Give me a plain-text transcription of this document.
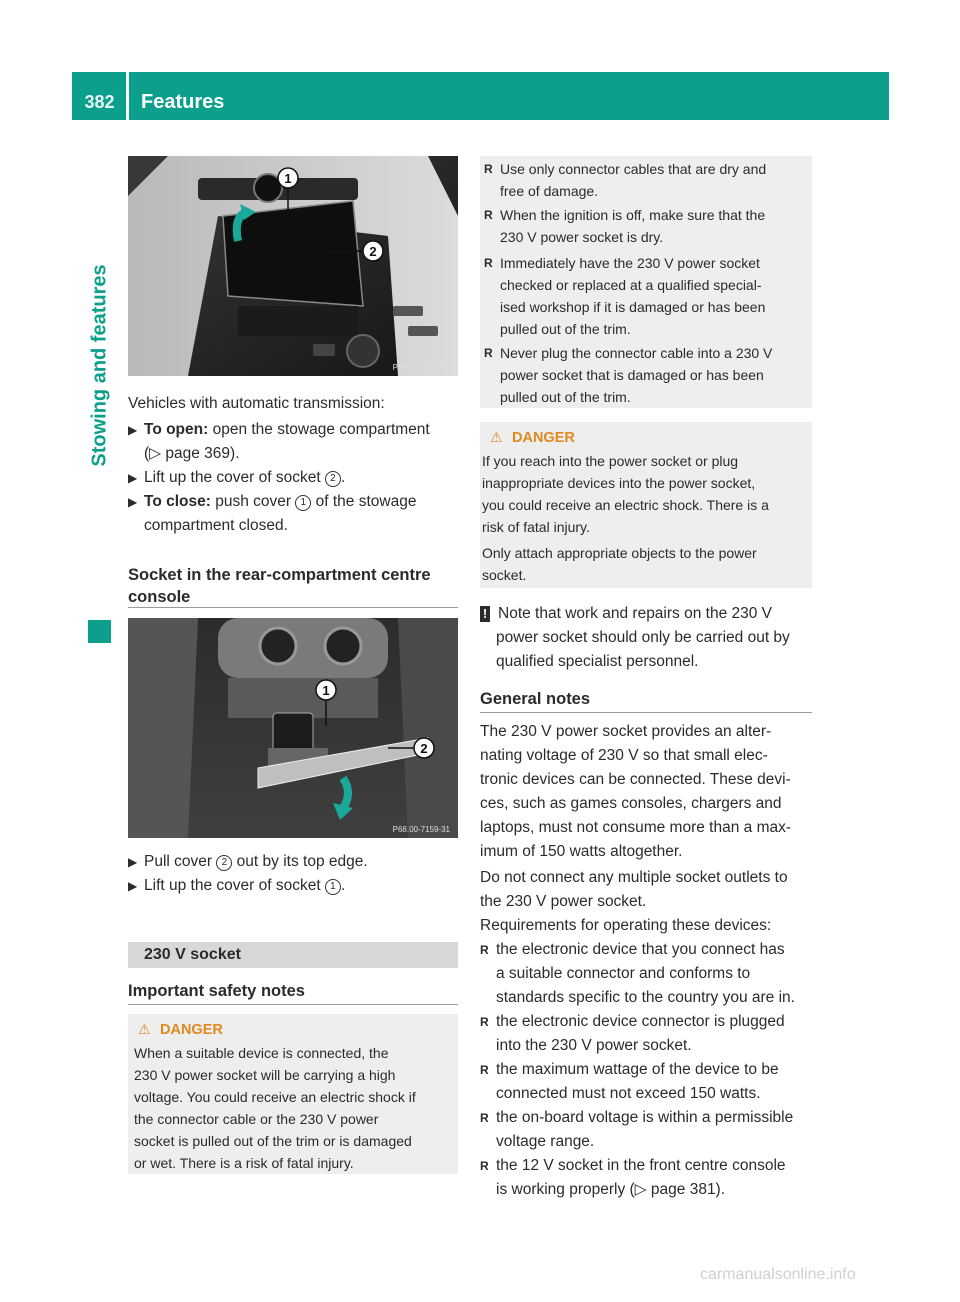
382	Features
Stowing and features
1
2
P68.00-7158-31

Vehicles with automatic transmission:

▶ To open: open the stowage compartment
(▷ page 369).
▶ Lift up the cover of socket 2 .
▶ To close: push cover 1 of the stowage
compartment closed.
Socket in the rear-compartment centre
console
1
2
P68.00-7159-31
▶ Pull cover 2 out by its top edge.
▶ Lift up the cover of socket 1 .
230 V socket
Important safety notes
⚠ DANGER
When a suitable device is connected, the
230 V power socket will be carrying a high
voltage. You could receive an electric shock if
the connector cable or the 230 V power
socket is pulled out of the trim or is damaged
or wet. There is a risk of fatal injury.
R Use only connector cables that are dry and
free of damage.
R When the ignition is off, make sure that the
230 V power socket is dry.
R Immediately have the 230 V power socket
checked or replaced at a qualified special-
ised workshop if it is damaged or has been
pulled out of the trim.
R Never plug the connector cable into a 230 V
power socket that is damaged or has been
pulled out of the trim.
⚠ DANGER
If you reach into the power socket or plug
inappropriate devices into the power socket,
you could receive an electric shock. There is a
risk of fatal injury.
Only attach appropriate objects to the power
socket.
! Note that work and repairs on the 230 V
power socket should only be carried out by
qualified specialist personnel.
General notes
The 230 V power socket provides an alter-
nating voltage of 230 V so that small elec-
tronic devices can be connected. These devi-
ces, such as games consoles, chargers and
laptops, must not consume more than a max-
imum of 150 watts altogether.
Do not connect any multiple socket outlets to
the 230 V power socket.
Requirements for operating these devices:
R the electronic device that you connect has
a suitable connector and conforms to
standards specific to the country you are in.
R the electronic device connector is plugged
into the 230 V power socket.
R the maximum wattage of the device to be
connected must not exceed 150 watts.
R the on-board voltage is within a permissible
voltage range.
R the 12 V socket in the front centre console
is working properly (▷ page 381).
carmanualsonline.info
